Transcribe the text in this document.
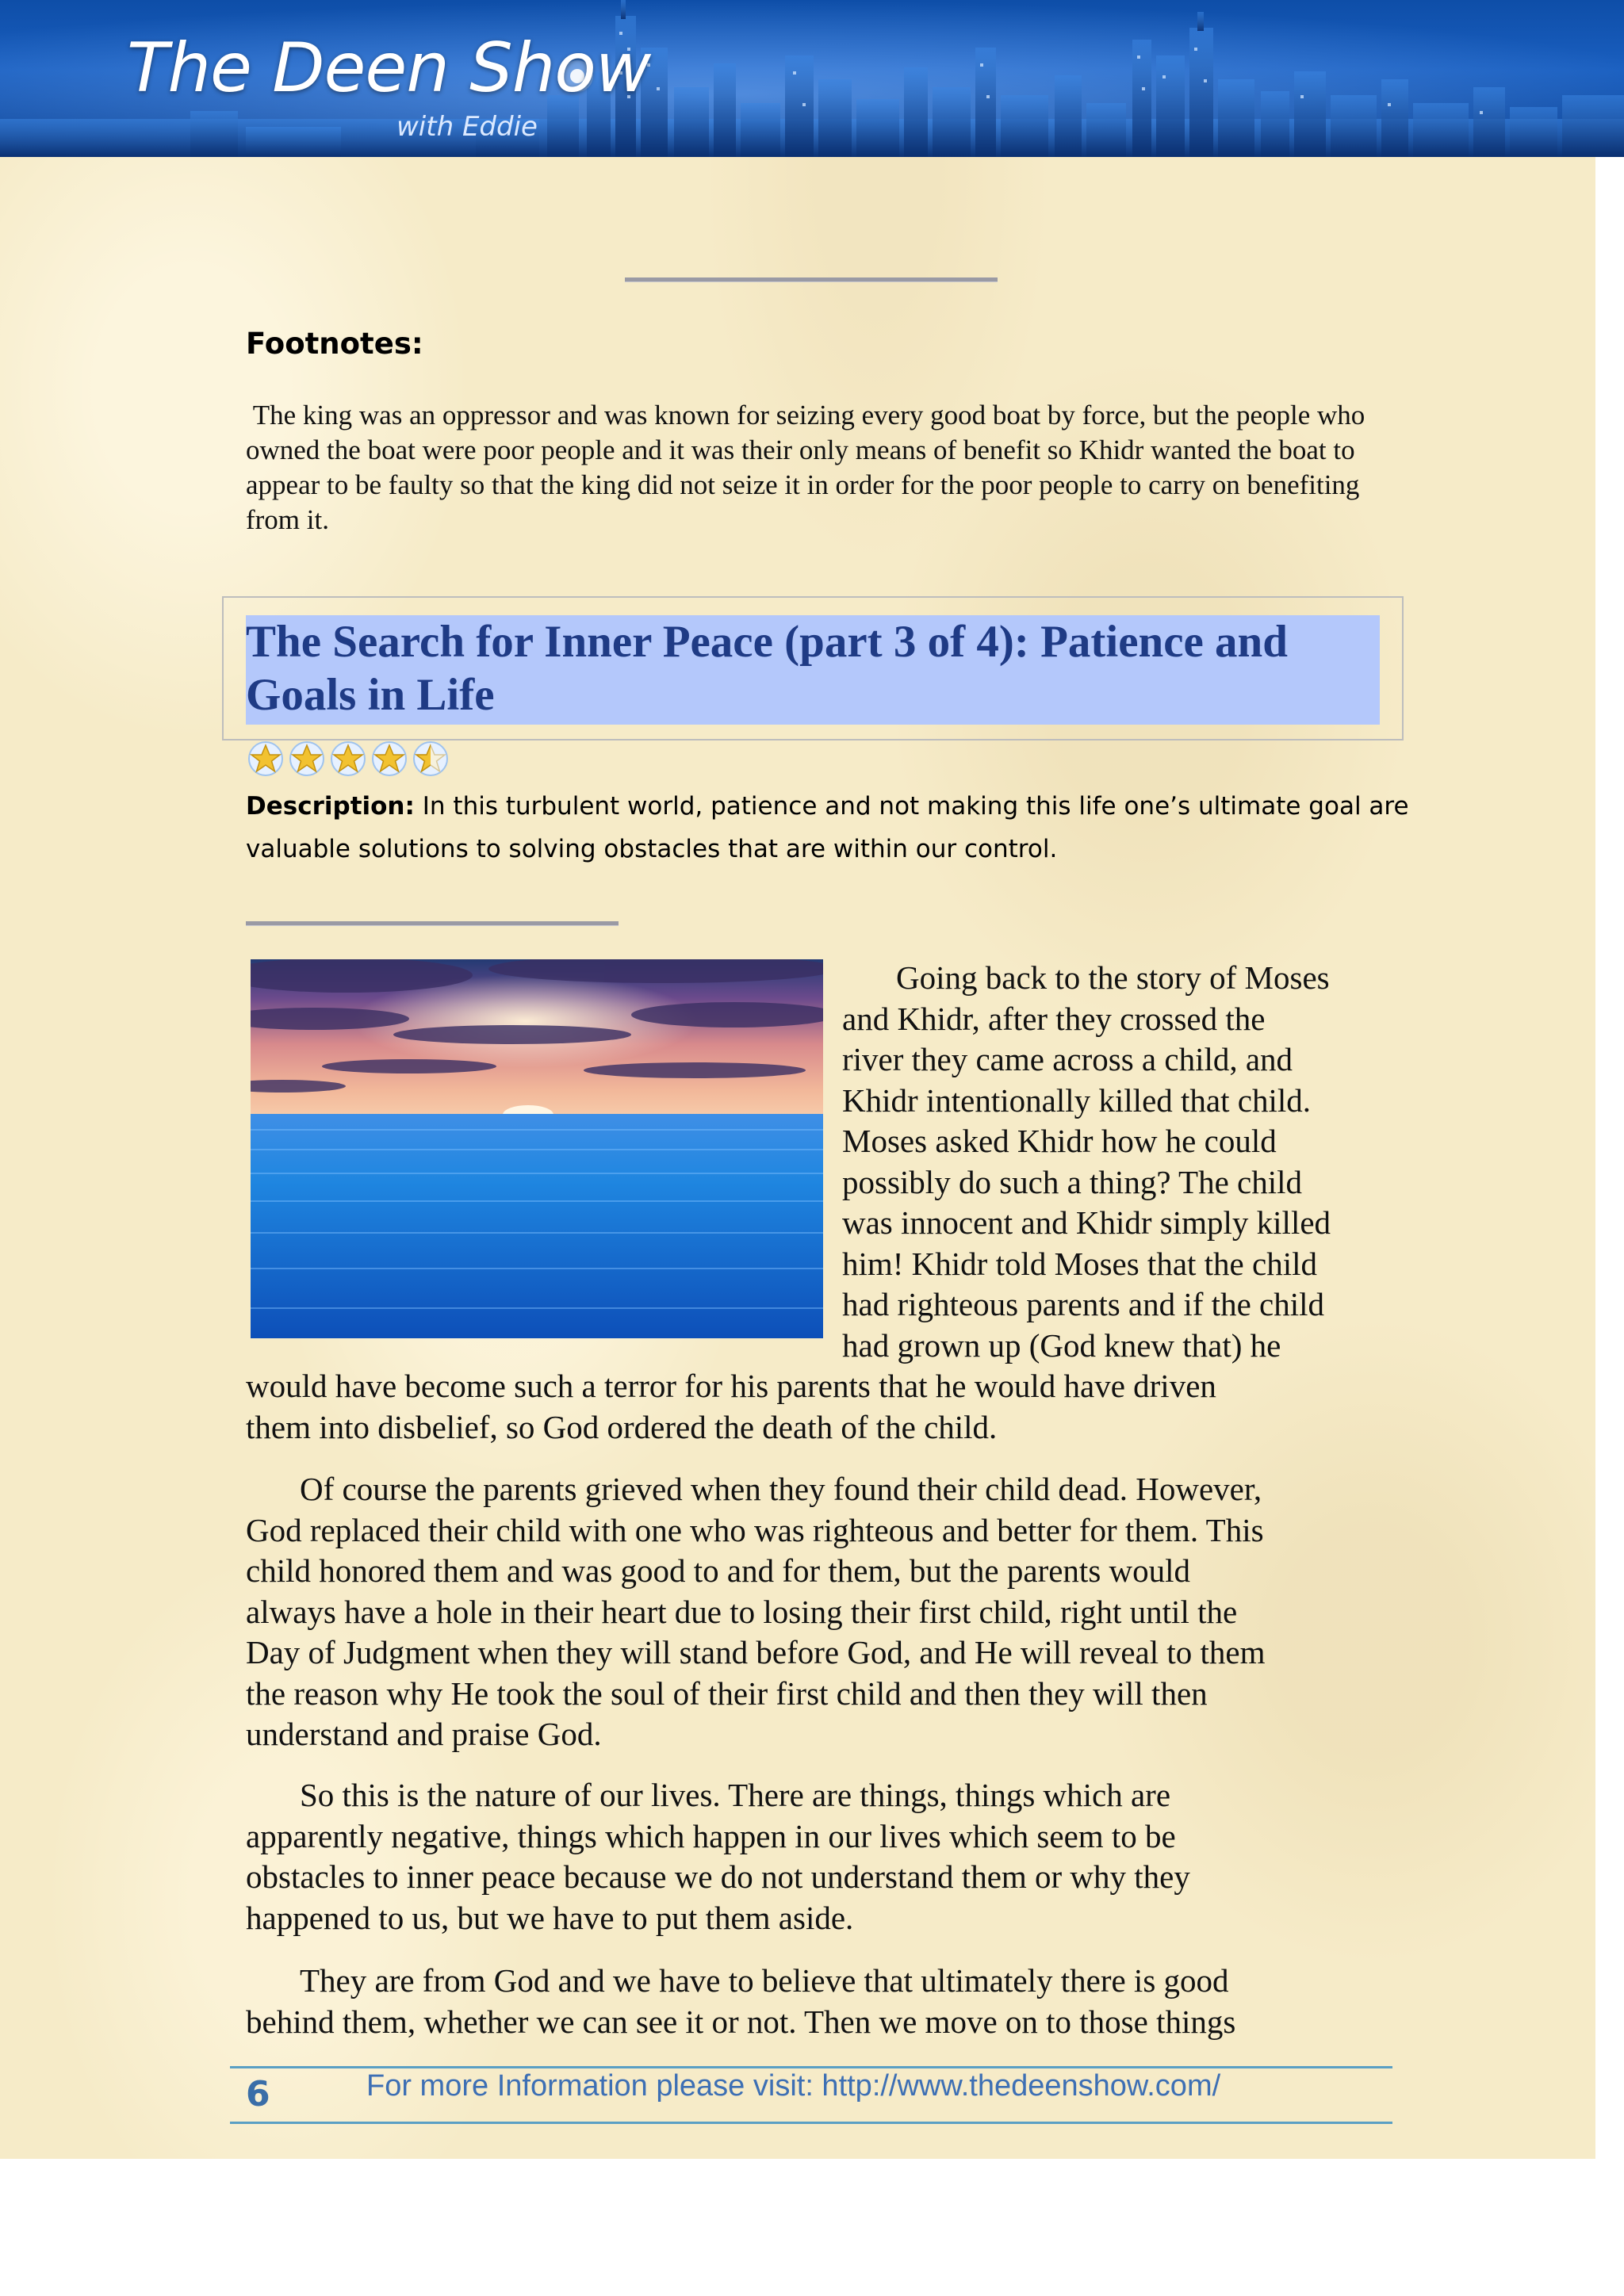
The Deen Show
with Eddie
Footnotes:

The king was an oppressor and was known for seizing every good boat by force, but the people who owned the boat were poor people and it was their only means of benefit so Khidr wanted the boat to appear to be faulty so that the king did not seize it in order for the poor people to carry on benefiting from it.

The Search for Inner Peace (part 3 of 4): Patience and Goals in Life

Description: In this turbulent world, patience and not making this life one’s ultimate goal are valuable solutions to solving obstacles that are within our control.

Going back to the story of Moses
and Khidr, after they crossed the
river they came across a child, and
Khidr intentionally killed that child.
Moses asked Khidr how he could
possibly do such a thing? The child
was innocent and Khidr simply killed
him! Khidr told Moses that the child
had righteous parents and if the child
had grown up (God knew that) he
would have become such a terror for his parents that he would have driven
them into disbelief, so God ordered the death of the child.
Of course the parents grieved when they found their child dead. However,
God replaced their child with one who was righteous and better for them. This
child honored them and was good to and for them, but the parents would
always have a hole in their heart due to losing their first child, right until the
Day of Judgment when they will stand before God, and He will reveal to them
the reason why He took the soul of their first child and then they will then
understand and praise God.
So this is the nature of our lives. There are things, things which are
apparently negative, things which happen in our lives which seem to be
obstacles to inner peace because we do not understand them or why they
happened to us, but we have to put them aside.
They are from God and we have to believe that ultimately there is good
behind them, whether we can see it or not. Then we move on to those things
6	For more Information please visit: http://www.thedeenshow.com/
